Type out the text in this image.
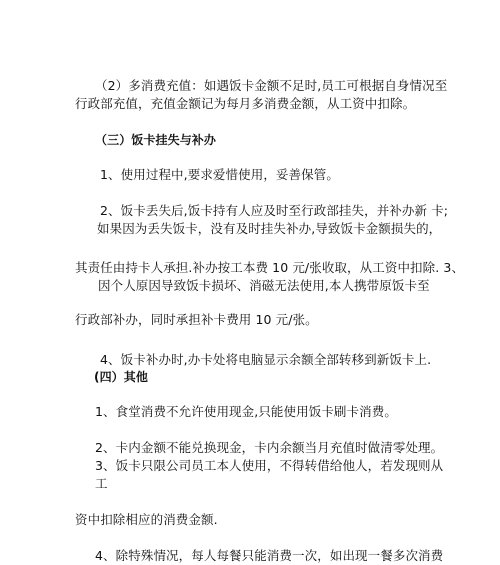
（2）多消费充值：如遇饭卡金额不足时,员工可根据自身情况至
行政部充值，充值金额记为每月多消费金额，从工资中扣除。
（三）饭卡挂失与补办
1、使用过程中,要求爱惜使用，妥善保管。
2、饭卡丢失后,饭卡持有人应及时至行政部挂失，并补办新 卡;
如果因为丢失饭卡，没有及时挂失补办,导致饭卡金额损失的，
其责任由持卡人承担.补办按工本费 10 元/张收取，从工资中扣除. 3、
因个人原因导致饭卡损坏、消磁无法使用,本人携带原饭卡至
行政部补办，同时承担补卡费用 10 元/张。
4、饭卡补办时,办卡处将电脑显示余额全部转移到新饭卡上.
(四）其他
1、食堂消费不允许使用现金,只能使用饭卡刷卡消费。
2、卡内金额不能兑换现金，卡内余额当月充值时做清零处理。
3、饭卡只限公司员工本人使用，不得转借给他人，若发现则从
工
资中扣除相应的消费金额.
4、除特殊情况，每人每餐只能消费一次，如出现一餐多次消费
